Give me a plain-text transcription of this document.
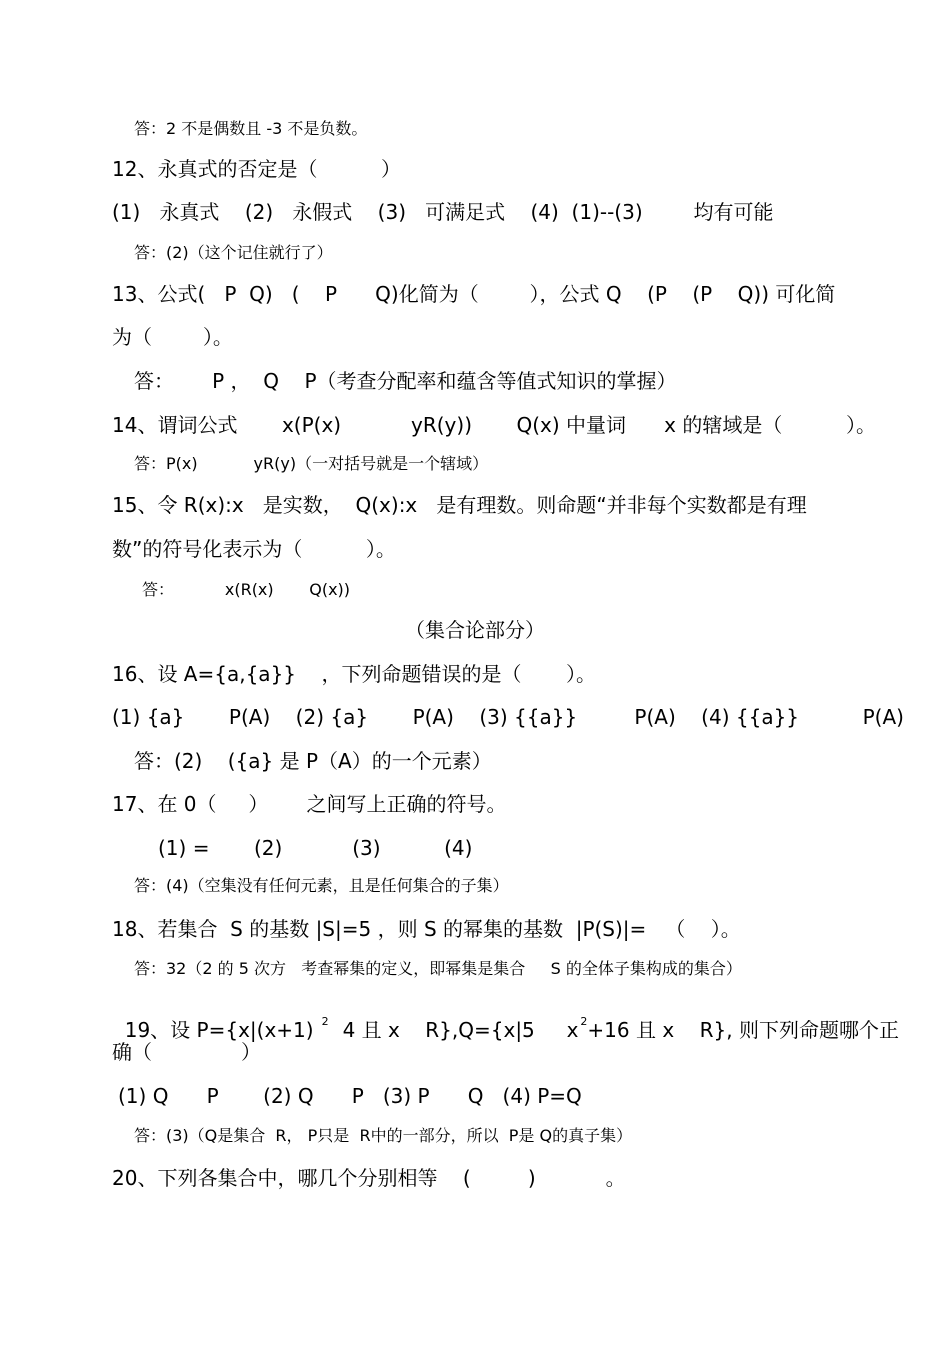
答：2 不是偶数且 -3 不是负数。
12、永真式的否定是（          ）
(1)   永真式    (2)   永假式    (3)   可满足式    (4)  (1)--(3)        均有可能
答：(2)（这个记住就行了）
13、公式(   P  Q)   (    P      Q)化简为（        ），公式 Q    (P    (P    Q)) 可化简
为（        ）。
答：      P ，  Q    P（考查分配率和蕴含等值式知识的掌握）
14、谓词公式       x(P(x)           yR(y))       Q(x) 中量词      x 的辖域是（          ）。
答：P(x)           yR(y)（一对括号就是一个辖域）
15、令 R(x):x   是实数，  Q(x):x   是有理数。则命题“并非每个实数都是有理
数”的符号化表示为（          ）。
答：          x(R(x)       Q(x))
（集合论部分）
16、设 A={a,{a}}    ，下列命题错误的是（       ）。
(1) {a}       P(A)    (2) {a}       P(A)    (3) {{a}}         P(A)    (4) {{a}}          P(A)
答：(2)    ({a} 是 P（A）的一个元素）
17、在 0（     ）      之间写上正确的符号。
(1) =       (2)           (3)          (4)
答：(4)（空集没有任何元素，且是任何集合的子集）
18、若集合  S 的基数 |S|=5 ，则 S 的幂集的基数  |P(S)|=   （    ）。
答：32（2 的 5 次方   考查幂集的定义，即幂集是集合     S 的全体子集构成的集合）

19、设 P={x|(x+1) $^2$ 4 且 x    R},Q={x|5     x $^2$+16 且 x    R}, 则下列命题哪个正

确（              ）
(1) Q      P       (2) Q      P   (3) P      Q   (4) P=Q
答：(3)（Q是集合  R， P只是  R中的一部分，所以  P是 Q的真子集）
20、下列各集合中，哪几个分别相等    (         )           。
